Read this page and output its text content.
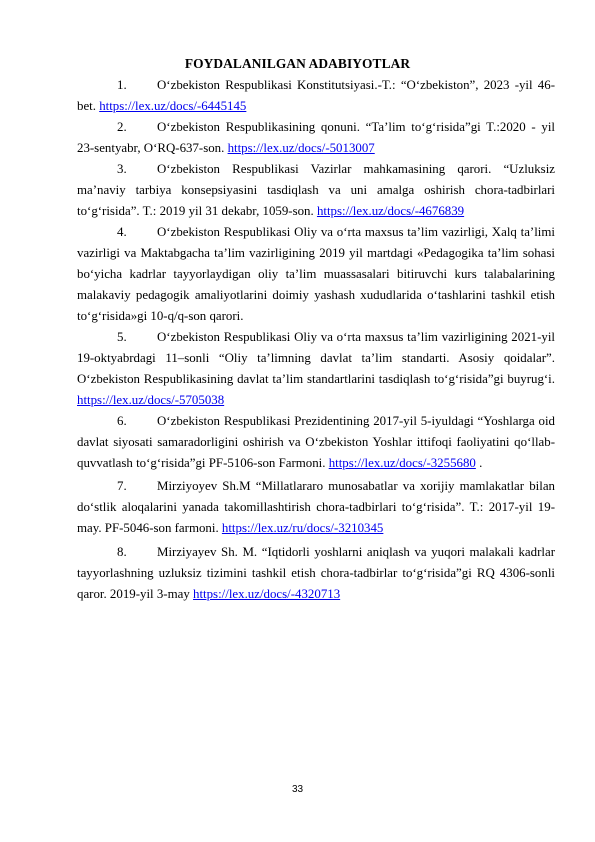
FOYDALANILGAN ADABIYOTLAR

1. O‘zbekiston Respublikasi Konstitutsiyasi.-T.: “O‘zbekiston”, 2023 -yil 46-bet. https://lex.uz/docs/-6445145

2. O‘zbekiston Respublikasining qonuni. “Ta’lim to‘g‘risida”gi T.:2020 - yil 23-sentyabr, O‘RQ-637-son. https://lex.uz/docs/-5013007

3. O‘zbekiston Respublikasi Vazirlar mahkamasining qarori. “Uzluksiz ma’naviy tarbiya konsepsiyasini tasdiqlash va uni amalga oshirish chora-tadbirlari to‘g‘risida”. T.: 2019 yil 31 dekabr, 1059-son. https://lex.uz/docs/-4676839

4. O‘zbekiston Respublikasi Oliy va o‘rta maxsus ta’lim vazirligi, Xalq ta’limi vazirligi va Maktabgacha ta’lim vazirligining 2019 yil martdagi «Pedagogika ta’lim sohasi bo‘yicha kadrlar tayyorlaydigan oliy ta’lim muassasalari bitiruvchi kurs talabalarining malakaviy pedagogik amaliyotlarini doimiy yashash xududlarida o‘tashlarini tashkil etish to‘g‘risida»gi 10-q/q-son qarori.

5. O‘zbekiston Respublikasi Oliy va o‘rta maxsus ta’lim vazirligining 2021-yil 19-oktyabrdagi 11–sonli “Oliy ta’limning davlat ta’lim standarti. Asosiy qoidalar”. O‘zbekiston Respublikasining davlat ta’lim standartlarini tasdiqlash to‘g‘risida”gi buyrug‘i. https://lex.uz/docs/-5705038

6. O‘zbekiston Respublikasi Prezidentining 2017-yil 5-iyuldagi “Yoshlarga oid davlat siyosati samaradorligini oshirish va O‘zbekiston Yoshlar ittifoqi faoliyatini qo‘llab-quvvatlash to‘g‘risida”gi PF-5106-son Farmoni. https://lex.uz/docs/-3255680 .

7. Mirziyoyev Sh.M “Millatlararo munosabatlar va xorijiy mamlakatlar bilan do‘stlik aloqalarini yanada takomillashtirish chora-tadbirlari to‘g‘risida”. T.: 2017-yil 19-may. PF-5046-son farmoni. https://lex.uz/ru/docs/-3210345

8. Mirziyayev Sh. M. “Iqtidorli yoshlarni aniqlash va yuqori malakali kadrlar tayyorlashning uzluksiz tizimini tashkil etish chora-tadbirlar to‘g‘risida”gi RQ 4306-sonli qaror. 2019-yil 3-may https://lex.uz/docs/-4320713

33
